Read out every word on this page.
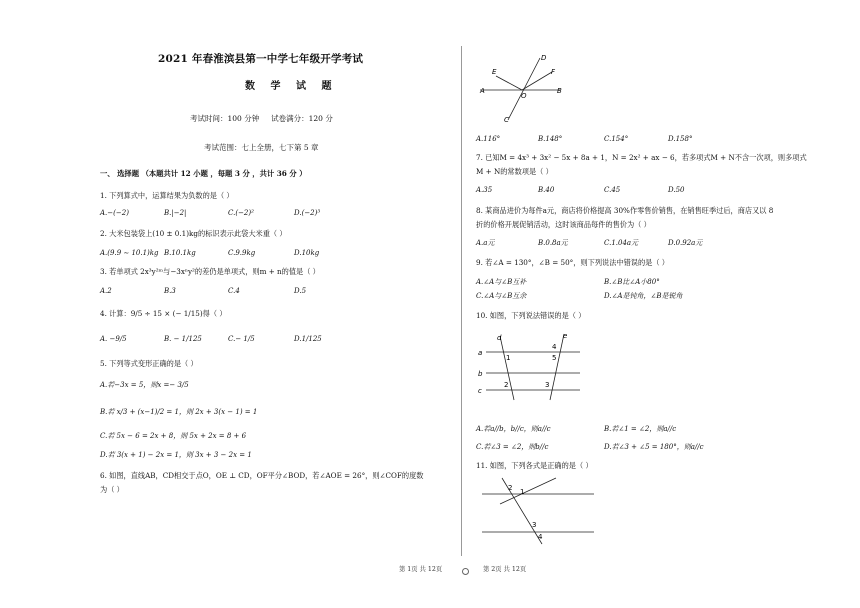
2021 年春淮滨县第一中学七年级开学考试
数 学 试 题
考试时间：100 分钟     试卷满分：120 分
考试范围：七上全册，七下第 5 章
一、 选择题 （本题共计 12 小题 ，每题 3 分 ，共计 36 分 ）
1. 下列算式中，运算结果为负数的是（ ）
A.−(−2)	B.|−2|	C.(−2)²	D.(−2)³
2. 大米包装袋上(10 ± 0.1)kg的标识表示此袋大米重（ ）
A.(9.9 ∼ 10.1)kg B.10.1kg	C.9.9kg	D.10kg
3. 若单项式 2x³y²ᵐ与−3xⁿy²的差仍是单项式，则m + n的值是（ ）
A.2	B.3	C.4	D.5
4. 计算：9/5 ÷ 15 × (− 1/15)得（ ）
A. −9/5	B. − 1/125	C.− 1/5	D.1/125
5. 下列等式变形正确的是（ ）
A.若−3x = 5，则x =− 3/5
B.若 x/3 + (x−1)/2 = 1，则 2x + 3(x − 1) = 1
C.若 5x − 6 = 2x + 8，则 5x + 2x = 8 + 6
D.若 3(x + 1) − 2x = 1，则 3x + 3 − 2x = 1
6. 如图，直线AB，CD相交于点O，OE ⊥ CD，OF平分∠BOD，若∠AOE = 26°，则∠COF的度数
为（ ）
D
E	F
A
O
B
C
A.116°	B.148°	C.154°	D.158°
7. 已知M = 4x³ + 3x² − 5x + 8a + 1，N = 2x² + ax − 6，若多项式M + N不含一次项，则多项式
M + N的常数项是（ ）
A.35	B.40	C.45	D.50
8. 某商品进价为每件a元，商店将价格提高 30%作零售价销售，在销售旺季过后，商店又以 8
折的价格开展促销活动，这时该商品每件的售价为（ ）
A.a元	B.0.8a元	C.1.04a元	D.0.92a元
9. 若∠A = 130°，∠B = 50°，则下列说法中错误的是（ ）
A.∠A与∠B互补	B.∠B比∠A小80°
C.∠A与∠B互余	D.∠A是钝角，∠B是锐角
10. 如图，下列说法错误的是（ ）
d	e
a
b
c
1
2	3
4
5
A.若a//b，b//c，则a//c	B.若∠1 = ∠2，则a//c
C.若∠3 = ∠2，则b//c	D.若∠3 + ∠5 = 180°，则a//c
11. 如图，下列各式是正确的是（ ）
2 1
3
4
第 1页 共 12页	第 2页 共 12页
